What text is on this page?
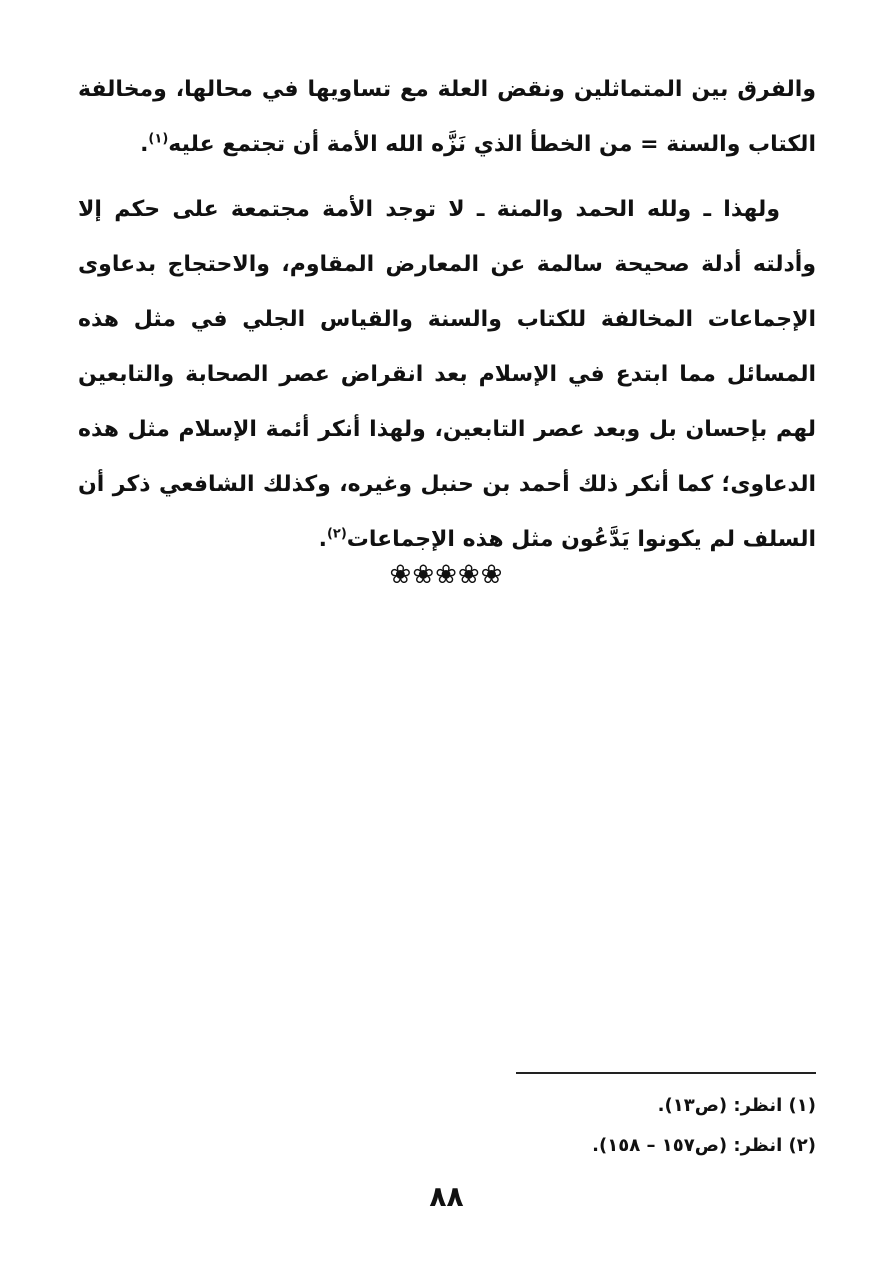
والفرق بين المتماثلين ونقض العلة مع تساويها في محالها، ومخالفة الكتاب والسنة = من الخطأ الذي نَزَّه الله الأمة أن تجتمع عليه$^{(١)}$.

ولهذا ـ ولله الحمد والمنة ـ لا توجد الأمة مجتمعة على حكم إلا وأدلته أدلة صحيحة سالمة عن المعارض المقاوم، والاحتجاج بدعاوى الإجماعات المخالفة للكتاب والسنة والقياس الجلي في مثل هذه المسائل مما ابتدع في الإسلام بعد انقراض عصر الصحابة والتابعين لهم بإحسان بل وبعد عصر التابعين، ولهذا أنكر أئمة الإسلام مثل هذه الدعاوى؛ كما أنكر ذلك أحمد بن حنبل وغيره، وكذلك الشافعي ذكر أن السلف لم يكونوا يَدَّعُون مثل هذه الإجماعات$^{(٢)}$.

❀❀❀❀❀
(١) انظر: (ص١٣).
(٢) انظر: (ص١٥٧ – ١٥٨).
٨٨
